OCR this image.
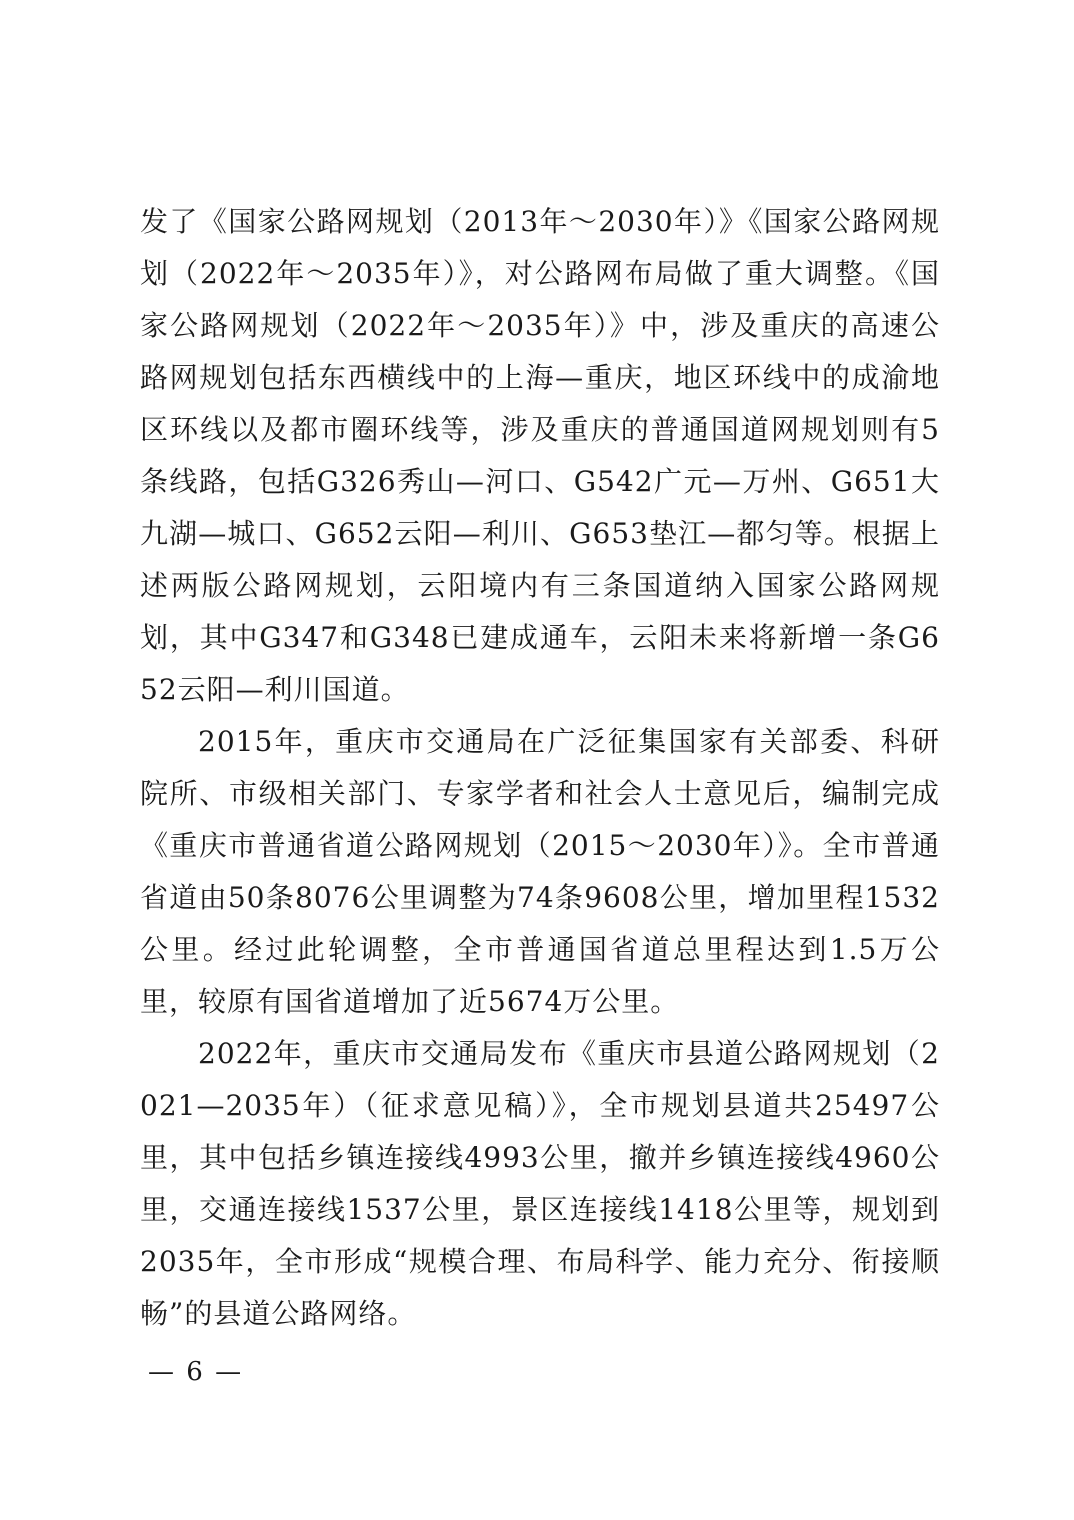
发了《国家公路网规划（2013年～2030年）》《国家公路网规划（2022年～2035年）》，对公路网布局做了重大调整。《国家公路网规划（2022年～2035年）》中，涉及重庆的高速公路网规划包括东西横线中的上海—重庆，地区环线中的成渝地区环线以及都市圈环线等，涉及重庆的普通国道网规划则有5条线路，包括G326秀山—河口、G542广元—万州、G651大九湖—城口、G652云阳—利川、G653垫江—都匀等。根据上述两版公路网规划，云阳境内有三条国道纳入国家公路网规划，其中G347和G348已建成通车，云阳未来将新增一条G652云阳—利川国道。

2015年，重庆市交通局在广泛征集国家有关部委、科研院所、市级相关部门、专家学者和社会人士意见后，编制完成《重庆市普通省道公路网规划（2015～2030年）》。全市普通省道由50条8076公里调整为74条9608公里，增加里程1532公里。经过此轮调整，全市普通国省道总里程达到1.5万公里，较原有国省道增加了近5674万公里。

2022年，重庆市交通局发布《重庆市县道公路网规划（2021—2035年）（征求意见稿）》，全市规划县道共25497公里，其中包括乡镇连接线4993公里，撤并乡镇连接线4960公里，交通连接线1537公里，景区连接线1418公里等，规划到2035年，全市形成“规模合理、布局科学、能力充分、衔接顺畅”的县道公路网络。

— 6 —
